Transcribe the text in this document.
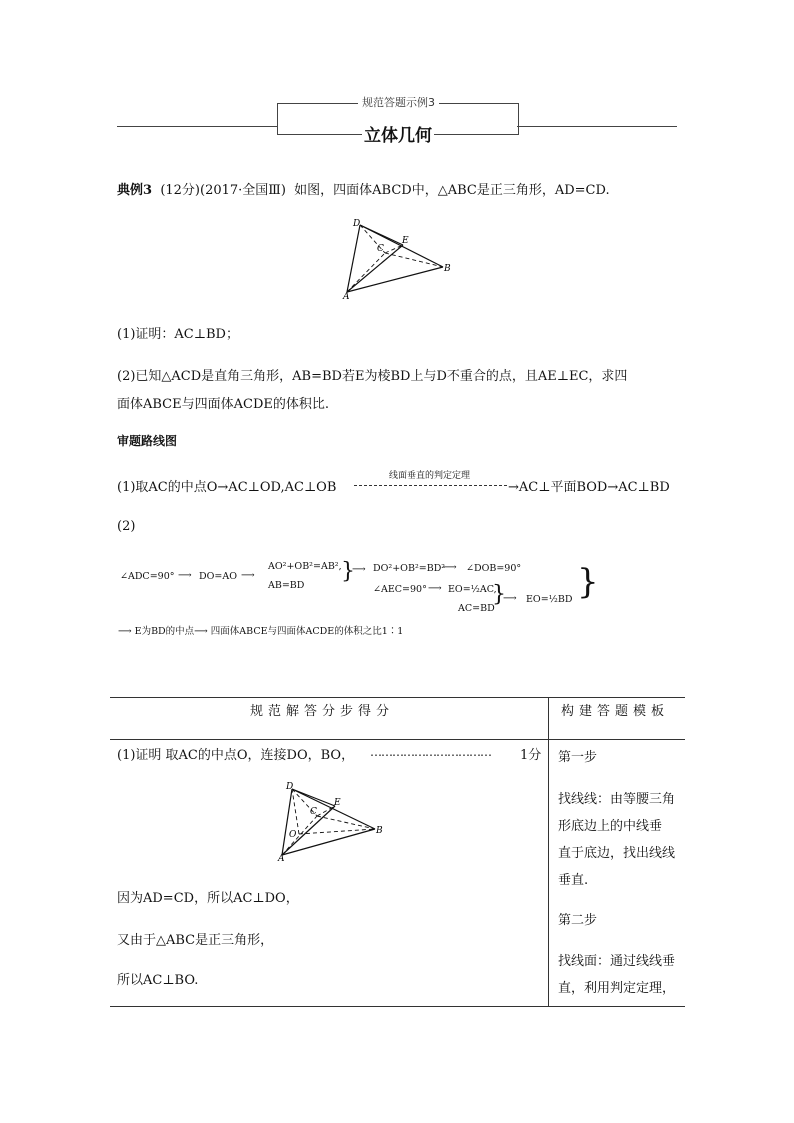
规范答题示例3
立体几何
典例3 (12分)(2017·全国Ⅲ) 如图，四面体ABCD中，△ABC是正三角形，AD=CD.
D
C
E
B
A
(1)证明：AC⊥BD；
(2)已知△ACD是直角三角形，AB=BD若E为棱BD上与D不重合的点，且AE⊥EC，求四
面体ABCE与四面体ACDE的体积比.
审题路线图
(1)取AC的中点O→AC⊥OD,AC⊥OB
线面垂直的判定定理
→AC⊥平面BOD→AC⊥BD
(2)
∠ADC=90° ⟶ DO=AO ⟶
AO²+OB²=AB²,
AB=BD
}
⟶ DO²+OB²=BD²
⟶ ∠DOB=90°
∠AEC=90° ⟶ EO=½AC,
AC=BD
}
⟶ EO=½BD }
⟶ E为BD的中点⟶ 四面体ABCE与四面体ACDE的体积之比1∶1
规范解答分步得分	构建答题模板
(1)证明 取AC的中点O，连接DO，BO， …………………………… 1分
D
C
E
B
A
O
因为AD=CD，所以AC⊥DO，
又由于△ABC是正三角形，
所以AC⊥BO.
第一步
找线线：由等腰三角
形底边上的中线垂
直于底边，找出线线
垂直.
第二步
找线面：通过线线垂
直，利用判定定理，
